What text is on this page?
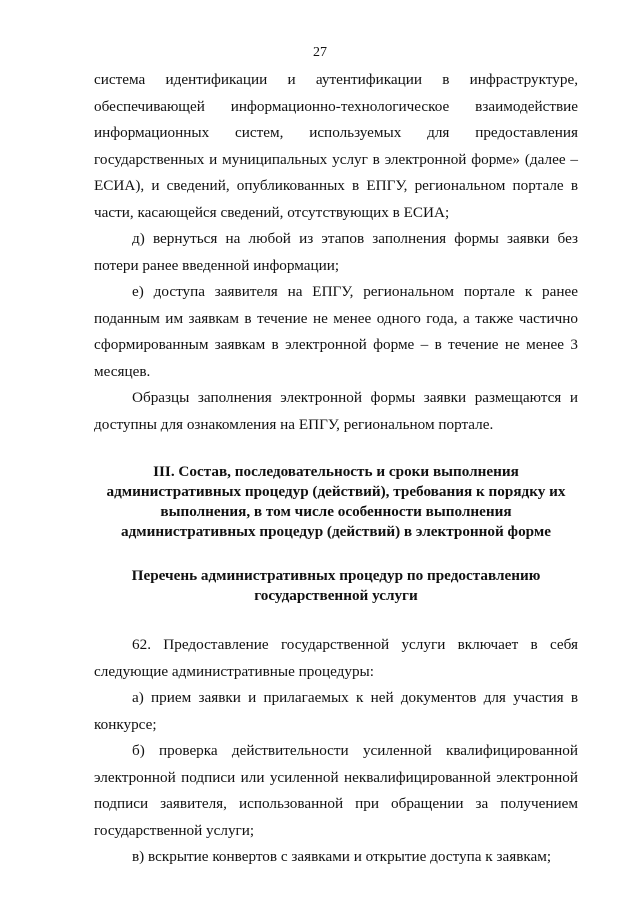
27

система идентификации и аутентификации в инфраструктуре, обеспечивающей информационно-технологическое взаимодействие информационных систем, используемых для предоставления государственных и муниципальных услуг в электронной форме» (далее – ЕСИА), и сведений, опубликованных в ЕПГУ, региональном портале в части, касающейся сведений, отсутствующих в ЕСИА;

д) вернуться на любой из этапов заполнения формы заявки без потери ранее введенной информации;

е) доступа заявителя на ЕПГУ, региональном портале к ранее поданным им заявкам в течение не менее одного года, а также частично сформированным заявкам в электронной форме – в течение не менее 3 месяцев.

Образцы заполнения электронной формы заявки размещаются и доступны для ознакомления на ЕПГУ, региональном портале.

III. Состав, последовательность и сроки выполнения административных процедур (действий), требования к порядку их выполнения, в том числе особенности выполнения административных процедур (действий) в электронной форме

Перечень административных процедур по предоставлению государственной услуги

62. Предоставление государственной услуги включает в себя следующие административные процедуры:

а) прием заявки и прилагаемых к ней документов для участия в конкурсе;

б) проверка действительности усиленной квалифицированной электронной подписи или усиленной неквалифицированной электронной подписи заявителя, использованной при обращении за получением государственной услуги;

в) вскрытие конвертов с заявками и открытие доступа к заявкам;
